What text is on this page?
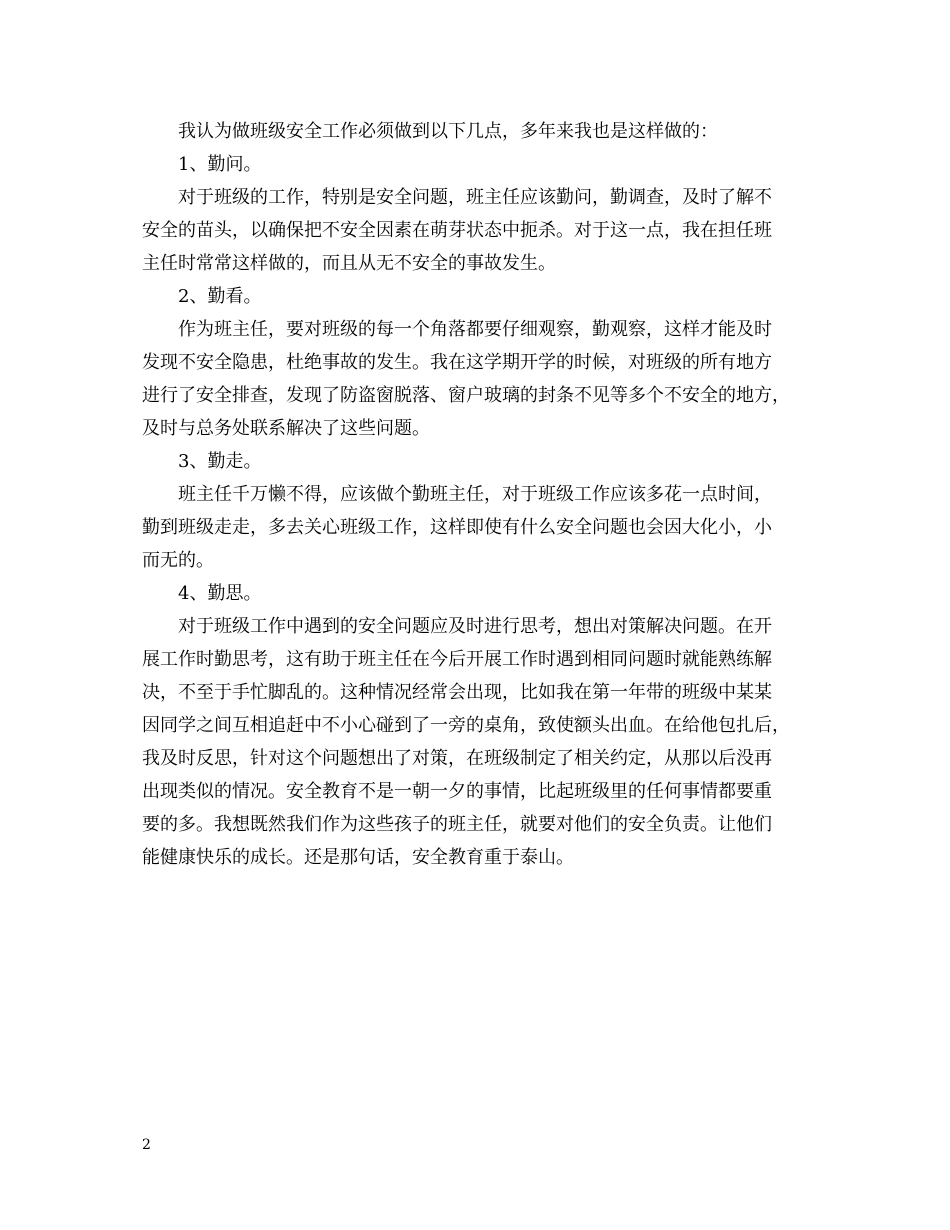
我认为做班级安全工作必须做到以下几点，多年来我也是这样做的：
1、勤问。
对于班级的工作，特别是安全问题，班主任应该勤问，勤调查，及时了解不
安全的苗头，以确保把不安全因素在萌芽状态中扼杀。对于这一点，我在担任班
主任时常常这样做的，而且从无不安全的事故发生。
2、勤看。
作为班主任，要对班级的每一个角落都要仔细观察，勤观察，这样才能及时
发现不安全隐患，杜绝事故的发生。我在这学期开学的时候，对班级的所有地方
进行了安全排查，发现了防盗窗脱落、窗户玻璃的封条不见等多个不安全的地方，
及时与总务处联系解决了这些问题。
3、勤走。
班主任千万懒不得，应该做个勤班主任，对于班级工作应该多花一点时间，
勤到班级走走，多去关心班级工作，这样即使有什么安全问题也会因大化小，小
而无的。
4、勤思。
对于班级工作中遇到的安全问题应及时进行思考，想出对策解决问题。在开
展工作时勤思考，这有助于班主任在今后开展工作时遇到相同问题时就能熟练解
决，不至于手忙脚乱的。这种情况经常会出现，比如我在第一年带的班级中某某
因同学之间互相追赶中不小心碰到了一旁的桌角，致使额头出血。在给他包扎后，
我及时反思，针对这个问题想出了对策，在班级制定了相关约定，从那以后没再
出现类似的情况。安全教育不是一朝一夕的事情，比起班级里的任何事情都要重
要的多。我想既然我们作为这些孩子的班主任，就要对他们的安全负责。让他们
能健康快乐的成长。还是那句话，安全教育重于泰山。
2
